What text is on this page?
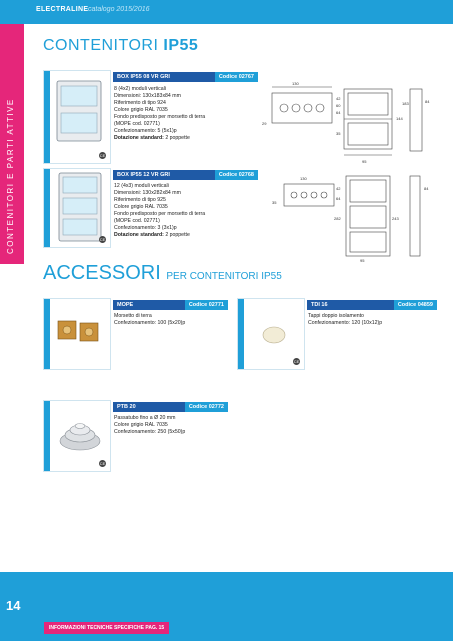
ELECTRALINE catalogo 2015/2016
CONTENITORI E PARTI ATTIVE
CONTENITORI IP55
CE
BOX IP55 08 VR GRI	Codice 02767
8 (4x2) moduli verticali
Dimensioni: 130x183x84 mm
Riferimento di tipo 924
Colore grigio RAL 7035
Fondo predisposto per morsetto di terra
(MOPE cod. 02771)
Confezionamento: 5 (5x1)p
Dotazione standard: 2 poppette
130
42
60
64
29
35
95
144
183	84
CE
BOX IP55 12 VR GRI	Codice 02768
12 (4x3) moduli verticali
Dimensioni: 130x282x84 mm
Riferimento di tipo 925
Colore grigio RAL 7035
Fondo predisposto per morsetto di terra
(MOPE cod. 02771)
Confezionamento: 3 (3x1)p
Dotazione standard: 2 poppette
130
42
64
35
282	243
95
84
ACCESSORI PER CONTENITORI IP55
MOPE	Codice 02771
Morsetto di terra
Confezionamento: 100 (5x20)p
CE
TDI 16	Codice 04859
Tappi doppio isolamento
Confezionamento: 120 (10x12)p
CE
PTB 20	Codice 02772
Passatubo fino a Ø 20 mm
Colore grigio RAL 7035
Confezionamento: 250 (5x50)p
14
INFORMAZIONI TECNICHE SPECIFICHE PAG. 15
